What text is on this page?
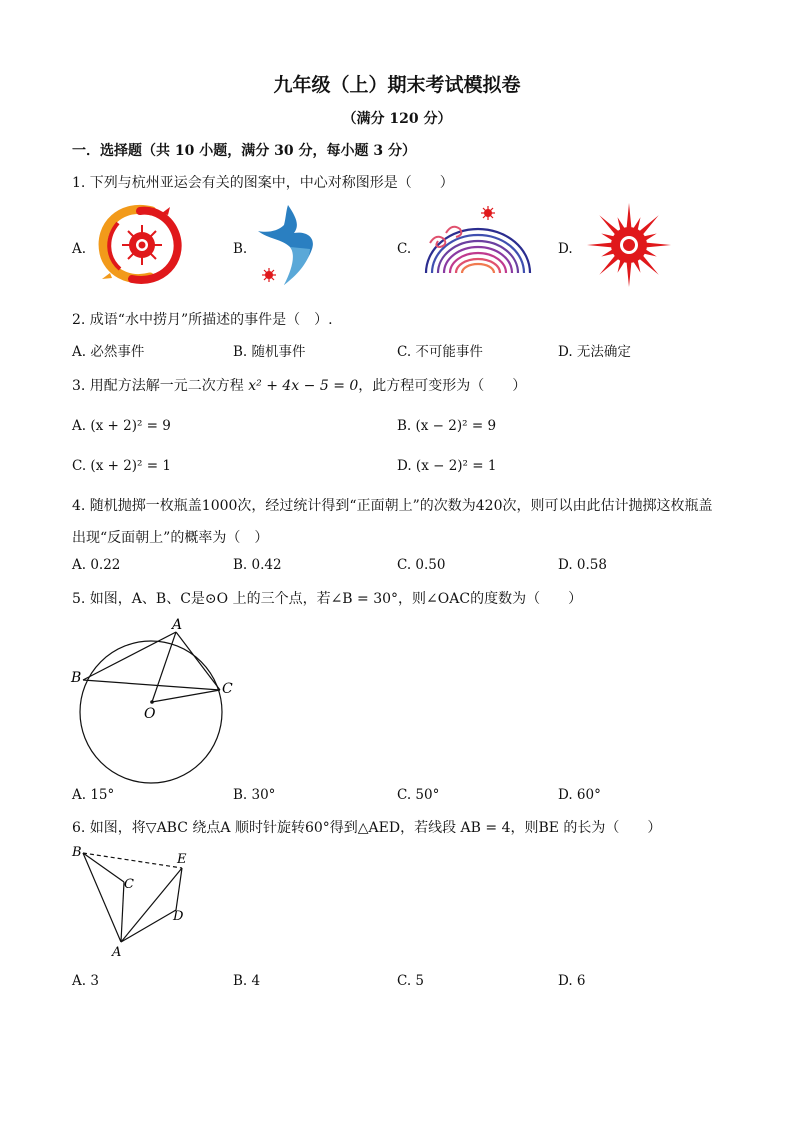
九年级（上）期末考试模拟卷
（满分 120 分）
一．选择题（共 10 小题，满分 30 分，每小题 3 分）
1. 下列与杭州亚运会有关的图案中，中心对称图形是（　　）
A.	B.	C.	D.
2. 成语“水中捞月”所描述的事件是（　）.
A. 必然事件	B. 随机事件	C. 不可能事件	D. 无法确定
3. 用配方法解一元二次方程 x² + 4x − 5 = 0，此方程可变形为（　　）
A. (x + 2)² = 9	B. (x − 2)² = 9
C. (x + 2)² = 1	D. (x − 2)² = 1
4. 随机抛掷一枚瓶盖1000次，经过统计得到“正面朝上”的次数为420次，则可以由此估计抛掷这枚瓶盖
出现“反面朝上”的概率为（　）
A. 0.22	B. 0.42	C. 0.50	D. 0.58
5. 如图，A、B、C是⊙O 上的三个点，若∠B = 30°，则∠OAC的度数为（　　）
A
B
C
O
A. 15°	B. 30°	C. 50°	D. 60°
6. 如图，将▽ABC 绕点A 顺时针旋转60°得到△AED，若线段 AB = 4，则BE 的长为（　　）
B
C
E
D
A
A. 3	B. 4	C. 5	D. 6
